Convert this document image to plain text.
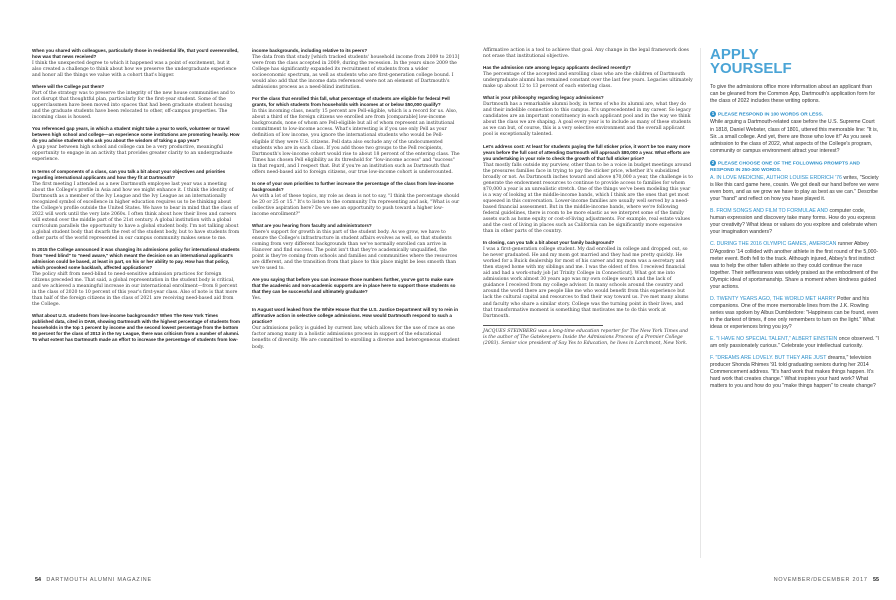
When you shared with colleagues, particularly those in residential life, that you'd overenrolled, how was that news received?

I think the unexpected degree to which it happened was a point of excitement, but it also created a challenge to think about how we preserve the undergraduate experience and honor all the things we value with a cohort that's bigger.

Where will the College put them?

Part of the strategy was to preserve the integrity of the new house communities and to not disrupt that thoughtful plan, particularly for the first-year student. Some of the upperclassmen have been moved into spaces that had been graduate student housing and the graduate students have been relocated to other, off-campus properties. The incoming class is housed.

You referenced gap years, in which a student might take a year to work, volunteer or travel between high school and college—an experience some institutions are promoting heavily. How do you advise students who ask you about the wisdom of taking a gap year?

A gap year between high school and college can be a very productive, meaningful opportunity to engage in an activity that provides greater clarity to an undergraduate experience.

In terms of components of a class, can you talk a bit about your objectives and priorities regarding international applicants and how they fit at Dartmouth?

The first meeting I attended as a new Dartmouth employee last year was a meeting about the College's profile in Asia and how we might enhance it. I think the identity of Dartmouth as a member of the Ivy League and the Ivy League as an internationally recognized symbol of excellence in higher education requires us to be thinking about the College's profile outside the United States. We have to bear in mind that the class of 2022 will work until the very late 2060s. I often think about how their lives and careers will extend over the middle part of the 21st century. A global institution with a global curriculum parallels the opportunity to have a global student body. I'm not talking about a global student body that dwarfs the rest of the student body, but to have students from other parts of the world represented in our campus community makes sense to me.

In 2015 the College announced it was changing its admissions policy for international students from "need blind" to "need aware," which meant the decision on an international applicant's admission could be based, at least in part, on his or her ability to pay. How has that policy, which provoked some backlash, affected applications?

The policy shift from need-blind to need-sensitive admission practices for foreign citizens preceded me. That said, a global representation in the student body is critical, and we achieved a meaningful increase in our international enrollment—from 8 percent in the class of 2020 to 10 percent of this year's first-year class. Also of note is that more than half of the foreign citizens in the class of 2021 are receiving need-based aid from the College.

What about U.S. students from low-income backgrounds? When The New York Times published data, cited in DAM, showing Dartmouth with the highest percentage of students from households in the top 1 percent by income and the second lowest percentage from the bottom 60 percent for the class of 2013 in the Ivy League, there was criticism from a number of alumni. To what extent has Dartmouth made an effort to increase the percentage of students from low-
income backgrounds, including relative to its peers?

The data from that study [which tracked students' household income from 2009 to 2013] were from the class accepted in 2009, during the recession. In the years since 2009 the College has significantly expanded its recruitment of students from a wider socioeconomic spectrum, as well as students who are first-generation college bound. I would also add that the income data referenced were not an element of Dartmouth's admissions process as a need-blind institution.

For the class that enrolled this fall, what percentage of students are eligible for federal Pell grants, for which students from households with incomes at or below $50,000 qualify?

In this incoming class, nearly 15 percent are Pell-eligible, which is a record for us. Also, about a third of the foreign citizens we enrolled are from [comparable] low-income backgrounds, none of whom are Pell-eligible but all of whom represent an institutional commitment to low-income access. What's interesting is if you use only Pell as your definition of low income, you ignore the international students who would be Pell-eligible if they were U.S. citizens. Pell data also exclude any of the undocumented students who are in each class. If you add those two groups to the Pell recipients, Dartmouth's low-income cohort would rise to about 18 percent of the entering class. The Times has chosen Pell eligibility as its threshold for "low-income access" and "success" in that regard, and I respect that. But if you're an institution such as Dartmouth that offers need-based aid to foreign citizens, our true low-income cohort is undercounted.

Is one of your own priorities to further increase the percentage of the class from low-income backgrounds?

As with a lot of these topics, my role as dean is not to say, "I think the percentage should be 20 or 25 or 15." It's to listen to the community I'm representing and ask, "What is our collective aspiration here? Do we see an opportunity to push toward a higher low-income enrollment?"

What are you hearing from faculty and administrators?

There's support for growth in this part of the student body. As we grow, we have to ensure the College's infrastructure in student affairs evolves as well, so that students coming from very different backgrounds than we've normally enrolled can arrive in Hanover and find success. The point isn't that they're academically unqualified, the point is they're coming from schools and families and communities where the resources are different, and the transition from that place to this place might be less smooth than we're used to.

Are you saying that before you can increase those numbers further, you've got to make sure that the academic and non-academic supports are in place here to support those students so that they can be successful and ultimately graduate?

Yes.

In August word leaked from the White House that the U.S. Justice Department will try to rein in affirmative action in selective college admissions. How would Dartmouth respond to such a practice?

Our admissions policy is guided by current law, which allows for the use of race as one factor among many in a holistic admissions process in support of the educational benefits of diversity. We are committed to enrolling a diverse and heterogeneous student body.

Affirmative action is a tool to achieve that goal. Any change in the legal framework does not erase that institutional objective.

Has the admission rate among legacy applicants declined recently?

The percentage of the accepted and enrolling class who are the children of Dartmouth undergraduate alumni has remained constant over the last few years. Legacies ultimately make up about 12 to 13 percent of each entering class.

What is your philosophy regarding legacy admissions?

Dartmouth has a remarkable alumni body, in terms of who its alumni are, what they do and their indelible connection to this campus. It's unprecedented in my career. So legacy candidates are an important constituency in each applicant pool and in the way we think about the class we are shaping. A goal every year is to include as many of these students as we can but, of course, this is a very selective environment and the overall applicant pool is exceptionally talented.

Let's address cost: At least for students paying the full sticker price, it won't be too many more years before the full cost of attending Dartmouth will approach $80,000 a year. What efforts are you undertaking in your role to check the growth of that full sticker price?

That mostly falls outside my purview, other than to be a voice in budget meetings around the pressures families face in trying to pay the sticker price, whether it's subsidized broadly or not. As Dartmouth inches toward and above $70,000 a year, the challenge is to generate the endowment resources to continue to provide access to families for whom $70,000 a year is an unrealistic stretch. One of the things we've been modeling this year is a way of looking at the middle-income bands, which I think are the ones that get most squeezed in this conversation. Lower-income families are usually well served by a need-based financial assessment. But in the middle-income bands, where we're following federal guidelines, there is room to be more elastic as we interpret some of the family assets such as home equity or cost-of-living adjustments. For example, real estate values and the cost of living in places such as California can be significantly more expensive than in other parts of the country.

In closing, can you talk a bit about your family background?

I was a first-generation college student. My dad enrolled in college and dropped out, so he never graduated. He and my mom got married and they had me pretty quickly. He worked for a Buick dealership for most of his career and my mom was a secretary and then stayed home with my siblings and me. I was the oldest of five. I received financial aid and had a work-study job [at Trinity College in Connecticut]. What got me into admissions work almost 30 years ago was my own college search and the lack of guidance I received from my college advisor. In many schools around the country and around the world there are people like me who would benefit from this experience but lack the cultural capital and resources to find their way toward us. I've met many alums and faculty who share a similar story. College was the turning point in their lives, and that transformative moment is something that motivates me to do this work at Dartmouth.

JACQUES STEINBERG was a long-time education reporter for The New York Times and is the author of The Gatekeepers: Inside the Admissions Process of a Premier College (2003). Senior vice president of Say Yes to Education, he lives in Larchmont, New York.

APPLY
YOURSELF

To give the admissions office more information about an applicant than can be gleaned from the Common App, Dartmouth's application form for the class of 2022 includes these writing options.

1 PLEASE RESPOND IN 100 WORDS OR LESS.

While arguing a Dartmouth-related case before the U.S. Supreme Court in 1818, Daniel Webster, class of 1801, uttered this memorable line: "It is, Sir...a small college. And yet, there are those who love it!" As you seek admission to the class of 2022, what aspects of the College's program, community or campus environment attract your interest?

2 PLEASE CHOOSE ONE OF THE FOLLOWING PROMPTS AND RESPOND IN 250-300 WORDS.

A. IN LOVE MEDICINE, AUTHOR LOUISE ERDRICH '76 writes, "Society is like this card game here, cousin. We got dealt our hand before we were even born, and as we grow we have to play as best as we can." Describe your "hand" and reflect on how you have played it.

B. FROM SONGS AND FILM TO FORMULAE AND computer code, human expression and discovery take many forms. How do you express your creativity? What ideas or values do you explore and celebrate when your imagination wanders?

C. DURING THE 2016 OLYMPIC GAMES, AMERICAN runner Abbey D'Agostino '14 collided with another athlete in the first round of the 5,000-meter event. Both fell to the track. Although injured, Abbey's first instinct was to help the other fallen athlete so they could continue the race together. Their selflessness was widely praised as the embodiment of the Olympic ideal of sportsmanship. Share a moment when kindness guided your actions.

D. TWENTY YEARS AGO, THE WORLD MET HARRY Potter and his companions. One of the more memorable lines from the J.K. Rowling series was spoken by Albus Dumbledore: "Happiness can be found, even in the darkest of times, if one only remembers to turn on the light." What ideas or experiences bring you joy?

E. "I HAVE NO SPECIAL TALENT," ALBERT EINSTEIN once observed. "I am only passionately curious." Celebrate your intellectual curiosity.

F. "DREAMS ARE LOVELY. BUT THEY ARE JUST dreams," television producer Shonda Rhimes '91 told graduating seniors during her 2014 Commencement address. "It's hard work that makes things happen. It's hard work that creates change." What inspires your hard work? What matters to you and how do you "make things happen" to create change?

54 DARTMOUTH ALUMNI MAGAZINE	NOVEMBER/DECEMBER 2017 55
